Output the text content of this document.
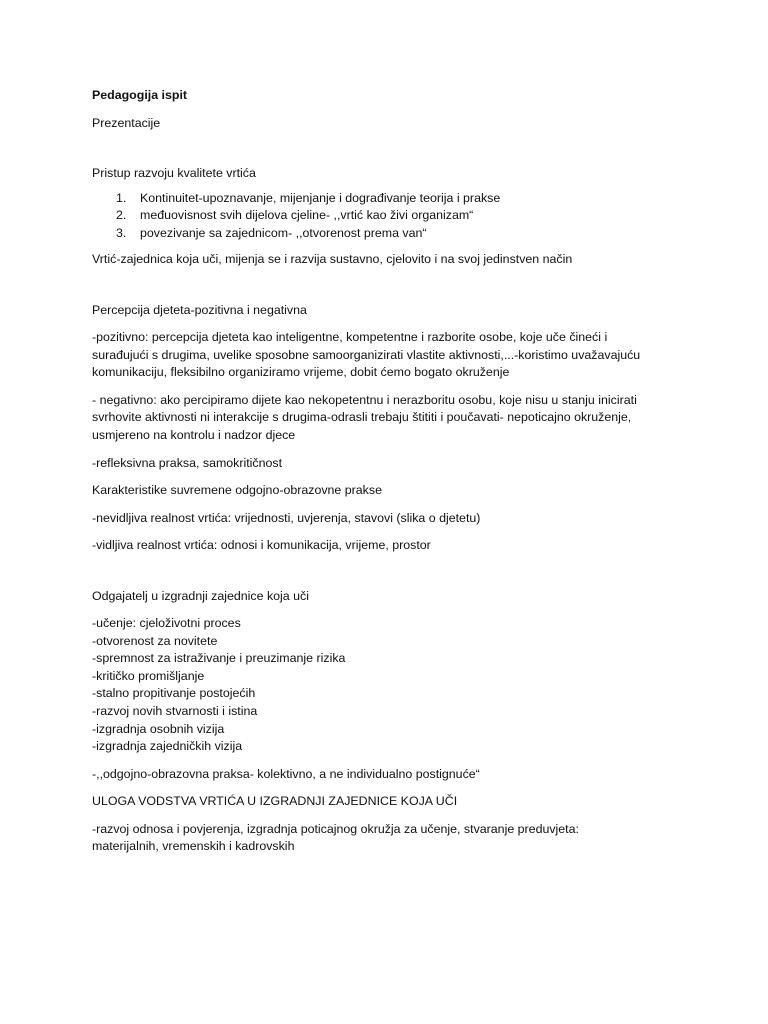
Pedagogija ispit

Prezentacije

Pristup razvoju kvalitete vrtića

1. Kontinuitet-upoznavanje, mijenjanje i dograđivanje teorija i prakse
2. međuovisnost svih dijelova cjeline- ,,vrtić kao živi organizam“
3. povezivanje sa zajednicom- ,,otvorenost prema van“

Vrtić-zajednica koja uči, mijenja se i razvija sustavno, cjelovito i na svoj jedinstven način

Percepcija djeteta-pozitivna i negativna

-pozitivno: percepcija djeteta kao inteligentne, kompetentne i razborite osobe, koje uče čineći i

surađujući s drugima, uvelike sposobne samoorganizirati vlastite aktivnosti,...-koristimo uvažavajuću

komunikaciju, fleksibilno organiziramo vrijeme, dobit ćemo bogato okruženje

- negativno: ako percipiramo dijete kao nekopetentnu i nerazboritu osobu, koje nisu u stanju inicirati

svrhovite aktivnosti ni interakcije s drugima-odrasli trebaju štititi i poučavati- nepoticajno okruženje,

usmjereno na kontrolu i nadzor djece

-refleksivna praksa, samokritičnost

Karakteristike suvremene odgojno-obrazovne prakse

-nevidljiva realnost vrtića: vrijednosti, uvjerenja, stavovi (slika o djetetu)

-vidljiva realnost vrtića: odnosi i komunikacija, vrijeme, prostor

Odgajatelj u izgradnji zajednice koja uči

-učenje: cjeloživotni proces

-otvorenost za novitete

-spremnost za istraživanje i preuzimanje rizika

-kritičko promišljanje

-stalno propitivanje postojećih

-razvoj novih stvarnosti i istina

-izgradnja osobnih vizija

-izgradnja zajedničkih vizija

-,,odgojno-obrazovna praksa- kolektivno, a ne individualno postignuće“

ULOGA VODSTVA VRTIĆA U IZGRADNJI ZAJEDNICE KOJA UČI

-razvoj odnosa i povjerenja, izgradnja poticajnog okružja za učenje, stvaranje preduvjeta:

materijalnih, vremenskih i kadrovskih
